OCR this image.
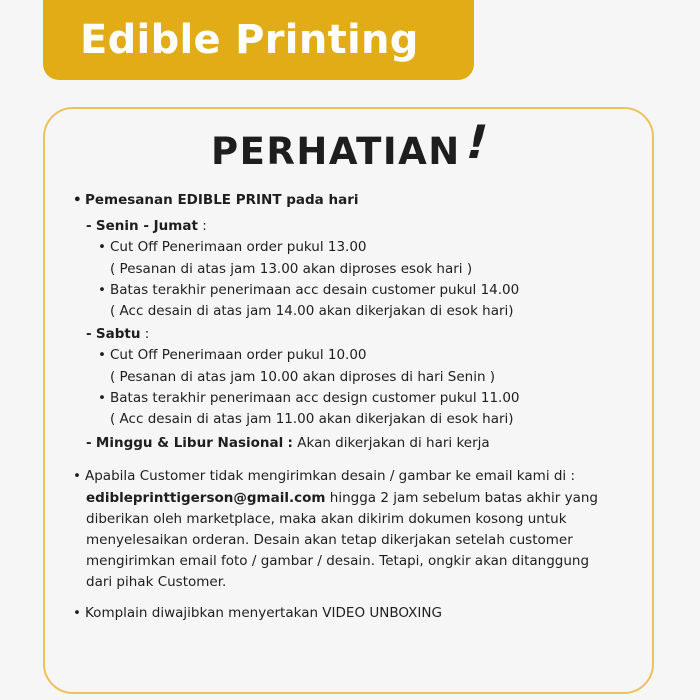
Edible Printing
PERHATIAN!

• Pemesanan EDIBLE PRINT pada hari

- Senin - Jumat :

• Cut Off Penerimaan order pukul 13.00

( Pesanan di atas jam 13.00 akan diproses esok hari )

• Batas terakhir penerimaan acc desain customer pukul 14.00

( Acc desain di atas jam 14.00 akan dikerjakan di esok hari)

- Sabtu :

• Cut Off Penerimaan order pukul 10.00

( Pesanan di atas jam 10.00 akan diproses di hari Senin )

• Batas terakhir penerimaan acc design customer pukul 11.00

( Acc desain di atas jam 11.00 akan dikerjakan di esok hari)

- Minggu & Libur Nasional : Akan dikerjakan di hari kerja

• Apabila Customer tidak mengirimkan desain / gambar ke email kami di :

edibleprinttigerson@gmail.com hingga 2 jam sebelum batas akhir yang

diberikan oleh marketplace, maka akan dikirim dokumen kosong untuk

menyelesaikan orderan. Desain akan tetap dikerjakan setelah customer

mengirimkan email foto / gambar / desain. Tetapi, ongkir akan ditanggung

dari pihak Customer.

• Komplain diwajibkan menyertakan VIDEO UNBOXING
